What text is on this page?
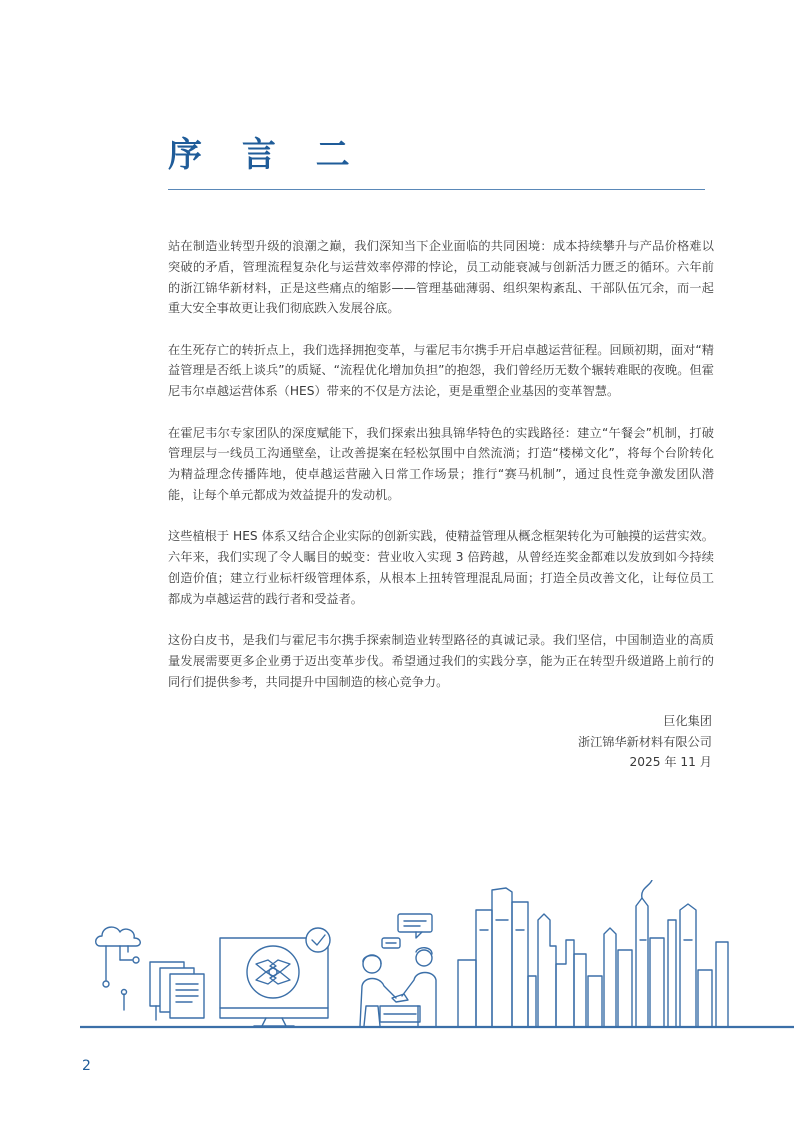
序 言 二

站在制造业转型升级的浪潮之巅，我们深知当下企业面临的共同困境：成本持续攀升与产品价格难以突破的矛盾，管理流程复杂化与运营效率停滞的悖论，员工动能衰减与创新活力匮乏的循环。六年前的浙江锦华新材料，正是这些痛点的缩影——管理基础薄弱、组织架构紊乱、干部队伍冗余，而一起重大安全事故更让我们彻底跌入发展谷底。

在生死存亡的转折点上，我们选择拥抱变革，与霍尼韦尔携手开启卓越运营征程。回顾初期，面对“精益管理是否纸上谈兵”的质疑、“流程优化增加负担”的抱怨，我们曾经历无数个辗转难眠的夜晚。但霍尼韦尔卓越运营体系（HES）带来的不仅是方法论，更是重塑企业基因的变革智慧。

在霍尼韦尔专家团队的深度赋能下，我们探索出独具锦华特色的实践路径：建立“午餐会”机制，打破管理层与一线员工沟通壁垒，让改善提案在轻松氛围中自然流淌；打造“楼梯文化”，将每个台阶转化为精益理念传播阵地，使卓越运营融入日常工作场景；推行“赛马机制”，通过良性竞争激发团队潜能，让每个单元都成为效益提升的发动机。

这些植根于 HES 体系又结合企业实际的创新实践，使精益管理从概念框架转化为可触摸的运营实效。六年来，我们实现了令人瞩目的蜕变：营业收入实现 3 倍跨越，从曾经连奖金都难以发放到如今持续创造价值；建立行业标杆级管理体系，从根本上扭转管理混乱局面；打造全员改善文化，让每位员工都成为卓越运营的践行者和受益者。

这份白皮书，是我们与霍尼韦尔携手探索制造业转型路径的真诚记录。我们坚信，中国制造业的高质量发展需要更多企业勇于迈出变革步伐。希望通过我们的实践分享，能为正在转型升级道路上前行的同行们提供参考，共同提升中国制造的核心竞争力。

巨化集团
浙江锦华新材料有限公司
2025 年 11 月
2
